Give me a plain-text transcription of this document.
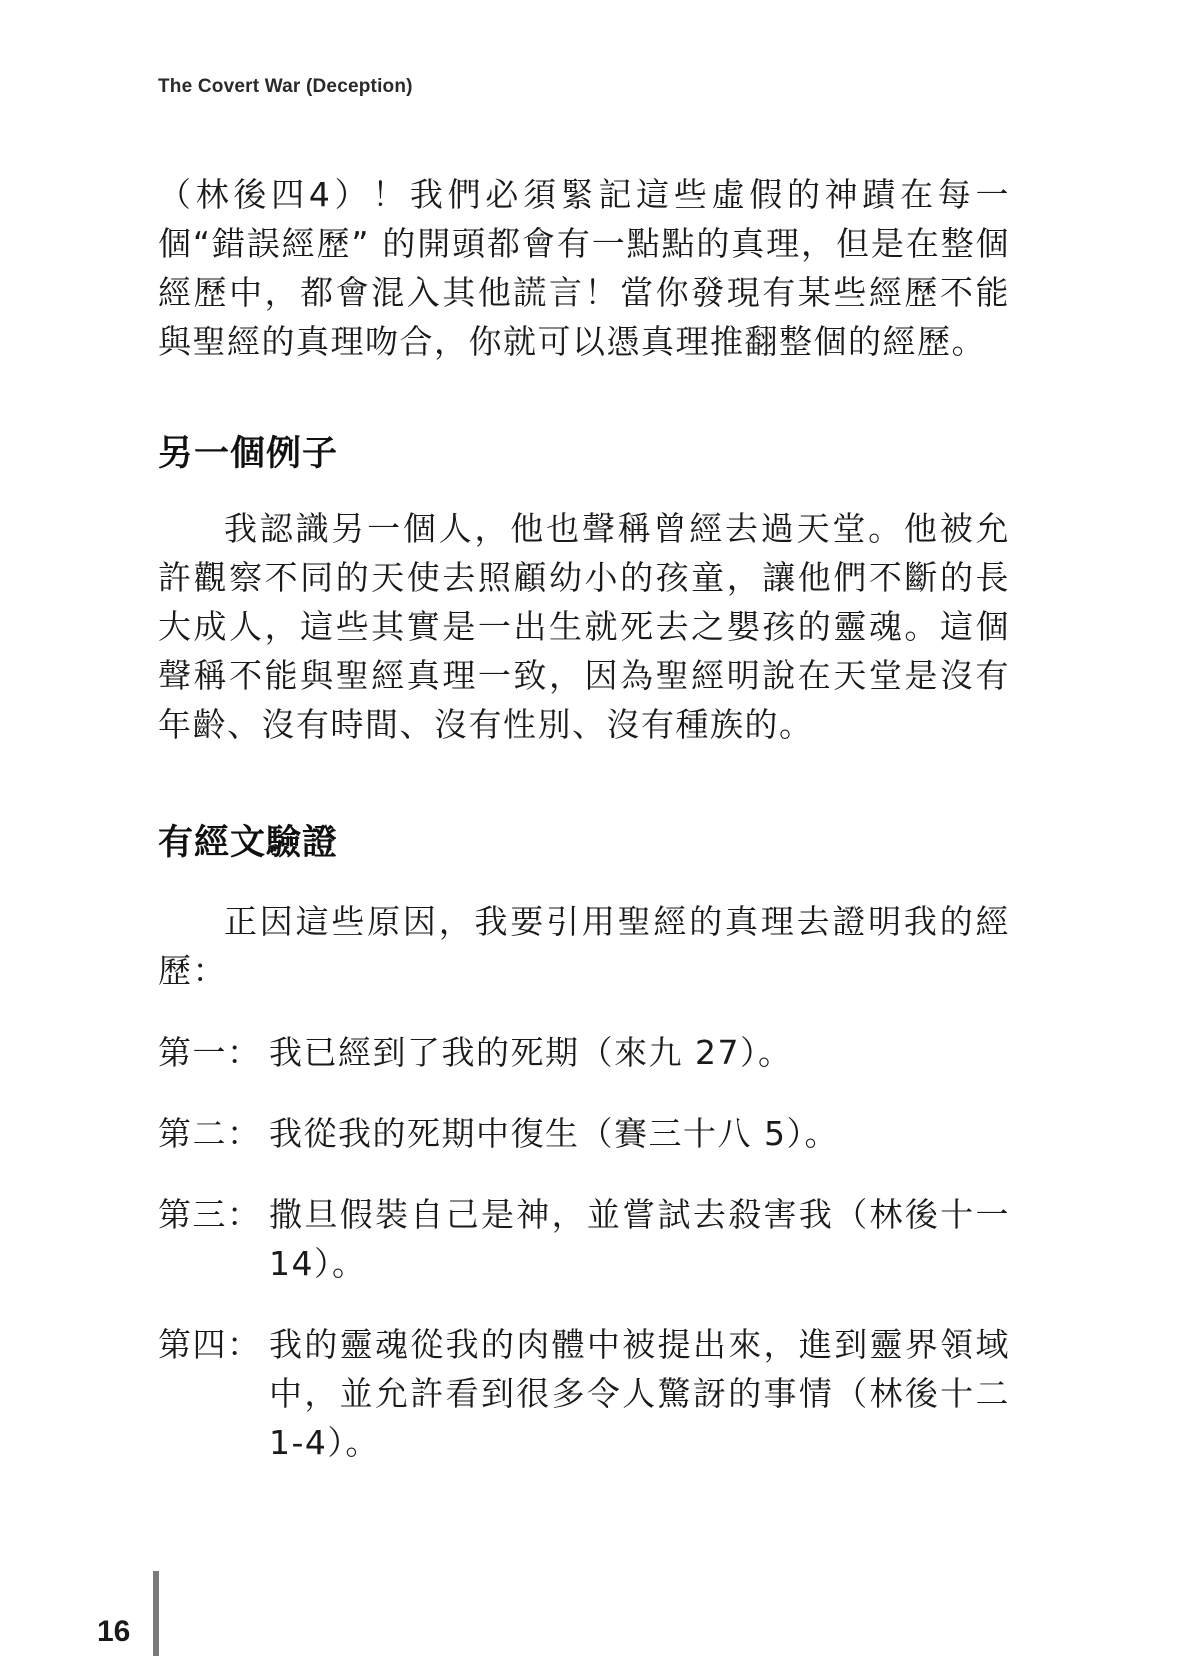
The Covert War (Deception)

（林後四4）！我們必須緊記這些虛假的神蹟在每一個“錯誤經歷” 的開頭都會有一點點的真理，但是在整個經歷中，都會混入其他謊言！當你發現有某些經歷不能與聖經的真理吻合，你就可以憑真理推翻整個的經歷。

另一個例子

我認識另一個人，他也聲稱曾經去過天堂。他被允許觀察不同的天使去照顧幼小的孩童，讓他們不斷的長大成人，這些其實是一出生就死去之嬰孩的靈魂。這個聲稱不能與聖經真理一致，因為聖經明說在天堂是沒有年齡、沒有時間、沒有性別、沒有種族的。

有經文驗證

正因這些原因，我要引用聖經的真理去證明我的經歷：

第一： 我已經到了我的死期（來九 27）。
第二： 我從我的死期中復生（賽三十八 5）。
第三： 撒旦假裝自己是神，並嘗試去殺害我（林後十一 14）。
第四： 我的靈魂從我的肉體中被提出來，進到靈界領域中，並允許看到很多令人驚訝的事情（林後十二 1-4）。
16
